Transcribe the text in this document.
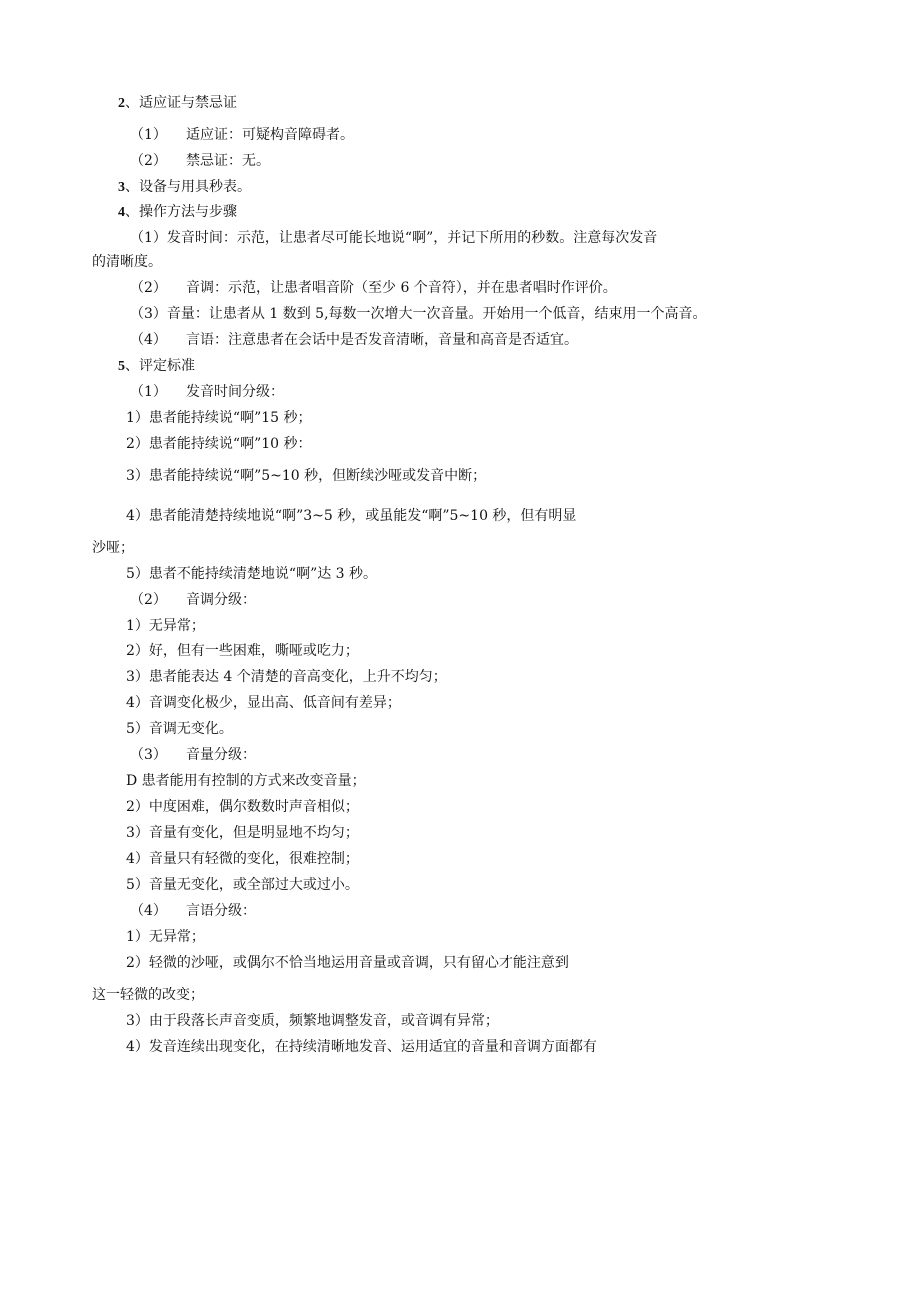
2、适应证与禁忌证
（1） 适应证：可疑构音障碍者。
（2） 禁忌证：无。
3、设备与用具秒表。
4、操作方法与步骤
（1）发音时间：示范，让患者尽可能长地说“啊”，并记下所用的秒数。注意每次发音
的清晰度。
（2） 音调：示范，让患者唱音阶（至少 6 个音符），并在患者唱时作评价。
（3）音量：让患者从 1 数到 5,每数一次增大一次音量。开始用一个低音，结束用一个高音。
（4） 言语：注意患者在会话中是否发音清晰，音量和高音是否适宜。
5、评定标准
（1） 发音时间分级：
1）患者能持续说“啊”15 秒；
2）患者能持续说“啊”10 秒：
3）患者能持续说“啊”5~10 秒，但断续沙哑或发音中断；
4）患者能清楚持续地说“啊”3~5 秒，或虽能发“啊”5~10 秒，但有明显
沙哑；
5）患者不能持续清楚地说“啊”达 3 秒。
（2） 音调分级：
1）无异常；
2）好，但有一些困难，嘶哑或吃力；
3）患者能表达 4 个清楚的音高变化，上升不均匀；
4）音调变化极少，显出高、低音间有差异；
5）音调无变化。
（3） 音量分级：
D 患者能用有控制的方式来改变音量；
2）中度困难，偶尔数数时声音相似；
3）音量有变化，但是明显地不均匀；
4）音量只有轻微的变化，很难控制；
5）音量无变化，或全部过大或过小。
（4） 言语分级：
1）无异常；
2）轻微的沙哑，或偶尔不恰当地运用音量或音调，只有留心才能注意到
这一轻微的改变；
3）由于段落长声音变质，频繁地调整发音，或音调有异常；
4）发音连续出现变化，在持续清晰地发音、运用适宜的音量和音调方面都有
